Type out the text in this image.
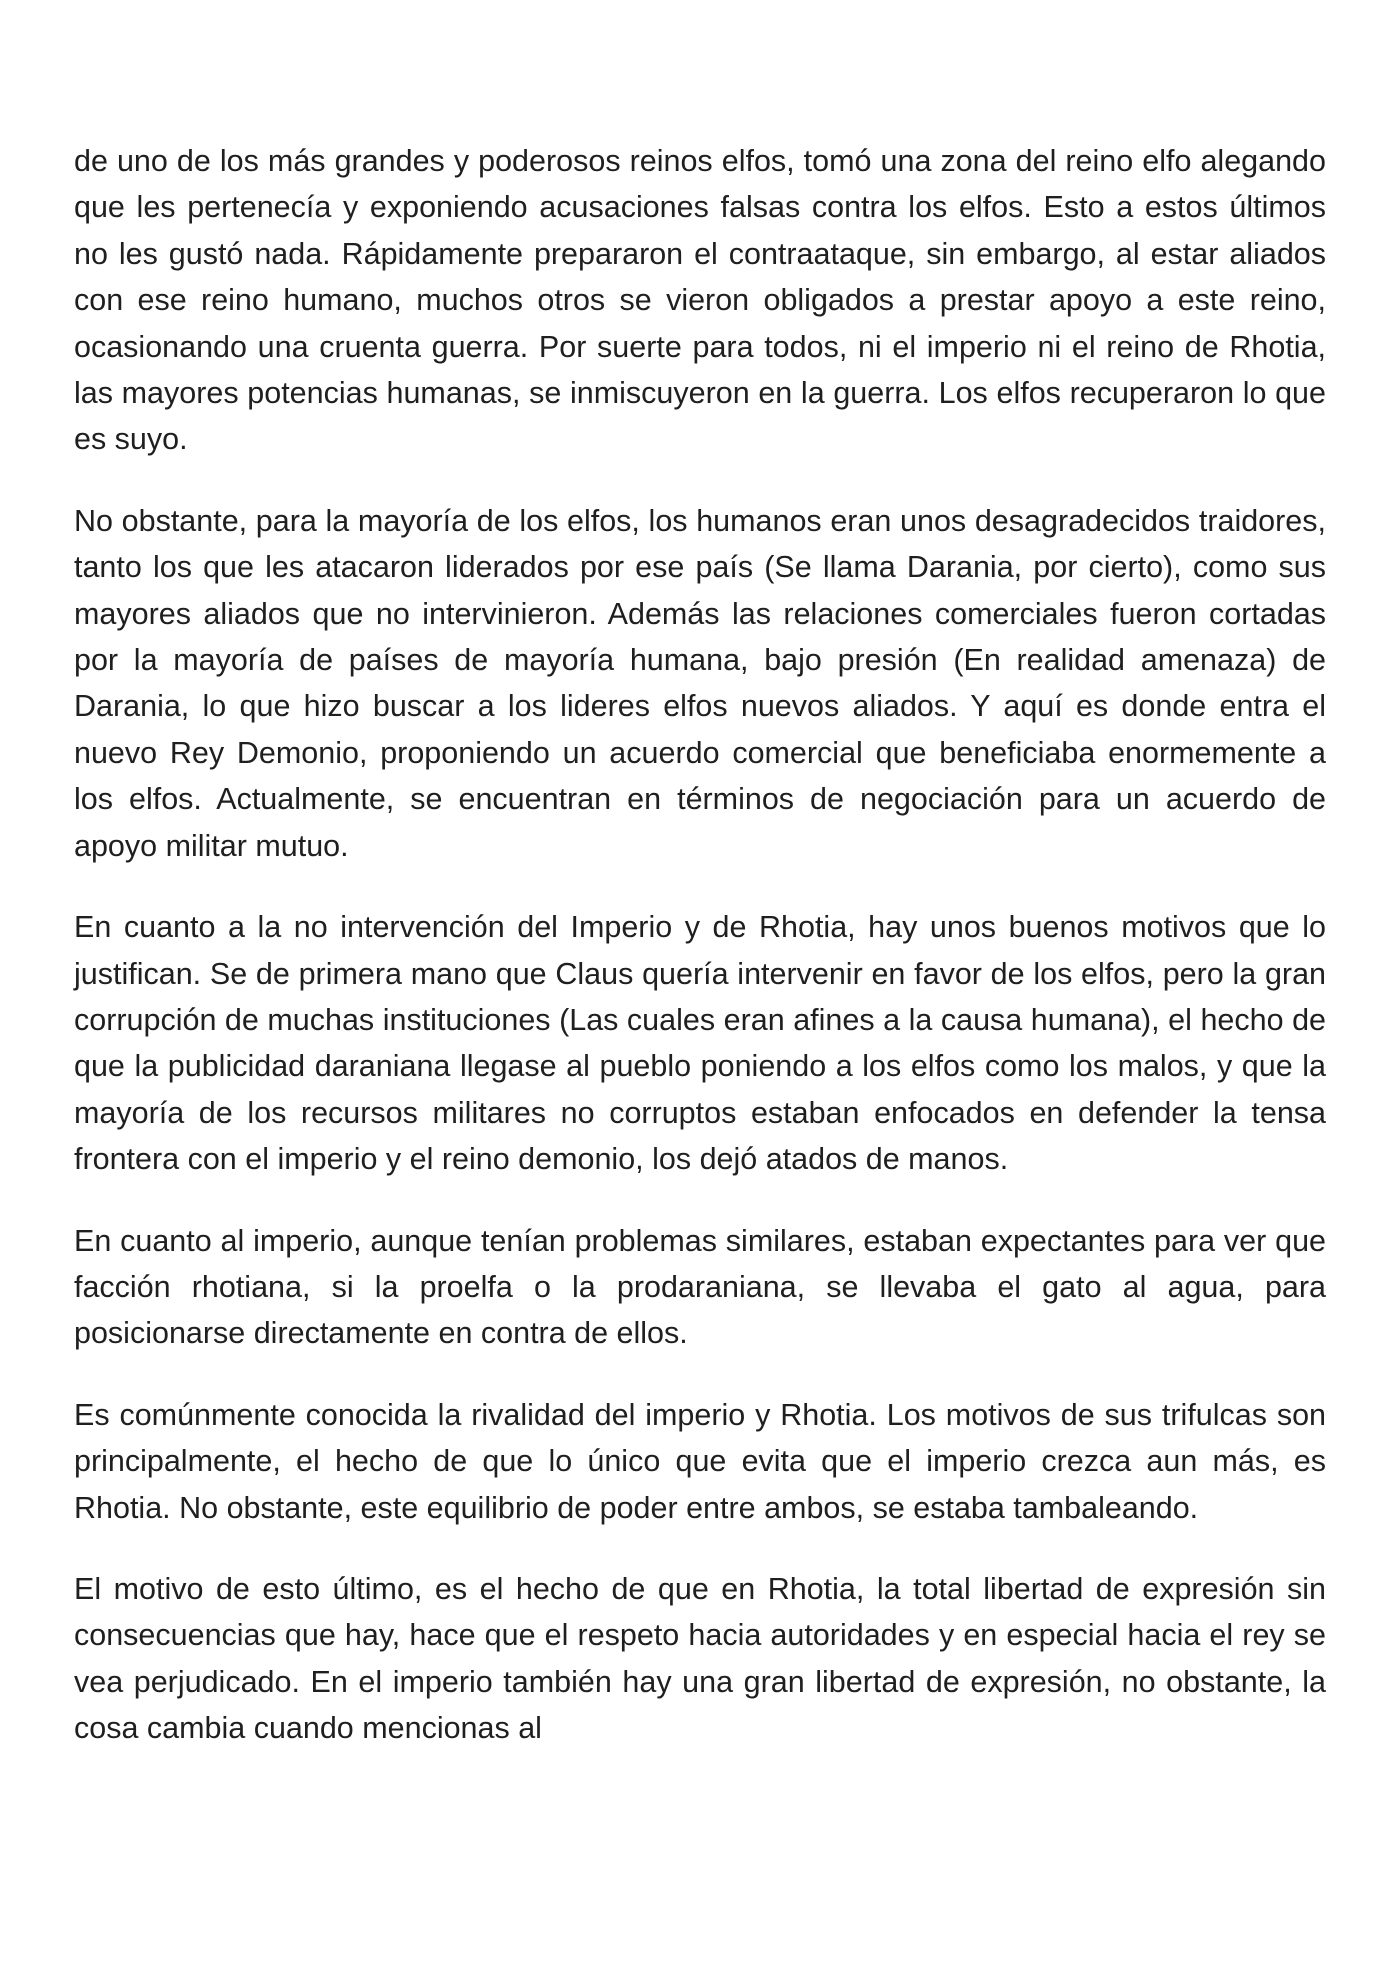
de uno de los más grandes y poderosos reinos elfos, tomó una zona del reino elfo alegando que les pertenecía y exponiendo acusaciones falsas contra los elfos. Esto a estos últimos no les gustó nada. Rápidamente prepararon el contraataque, sin embargo, al estar aliados con ese reino humano, muchos otros se vieron obligados a prestar apoyo a este reino, ocasionando una cruenta guerra. Por suerte para todos, ni el imperio ni el reino de Rhotia, las mayores potencias humanas, se inmiscuyeron en la guerra. Los elfos recuperaron lo que es suyo.

No obstante, para la mayoría de los elfos, los humanos eran unos desagradecidos traidores, tanto los que les atacaron liderados por ese país (Se llama Darania, por cierto), como sus mayores aliados que no intervinieron. Además las relaciones comerciales fueron cortadas por la mayoría de países de mayoría humana, bajo presión (En realidad amenaza) de Darania, lo que hizo buscar a los lideres elfos nuevos aliados. Y aquí es donde entra el nuevo Rey Demonio, proponiendo un acuerdo comercial que beneficiaba enormemente a los elfos. Actualmente, se encuentran en términos de negociación para un acuerdo de apoyo militar mutuo.

En cuanto a la no intervención del Imperio y de Rhotia, hay unos buenos motivos que lo justifican. Se de primera mano que Claus quería intervenir en favor de los elfos, pero la gran corrupción de muchas instituciones (Las cuales eran afines a la causa humana), el hecho de que la publicidad daraniana llegase al pueblo poniendo a los elfos como los malos, y que la mayoría de los recursos militares no corruptos estaban enfocados en defender la tensa frontera con el imperio y el reino demonio, los dejó atados de manos.

En cuanto al imperio, aunque tenían problemas similares, estaban expectantes para ver que facción rhotiana, si la proelfa o la prodaraniana, se llevaba el gato al agua, para posicionarse directamente en contra de ellos.

Es comúnmente conocida la rivalidad del imperio y Rhotia. Los motivos de sus trifulcas son principalmente, el hecho de que lo único que evita que el imperio crezca aun más, es Rhotia. No obstante, este equilibrio de poder entre ambos, se estaba tambaleando.

El motivo de esto último, es el hecho de que en Rhotia, la total libertad de expresión sin consecuencias que hay, hace que el respeto hacia autoridades y en especial hacia el rey se vea perjudicado. En el imperio también hay una gran libertad de expresión, no obstante, la cosa cambia cuando mencionas al
